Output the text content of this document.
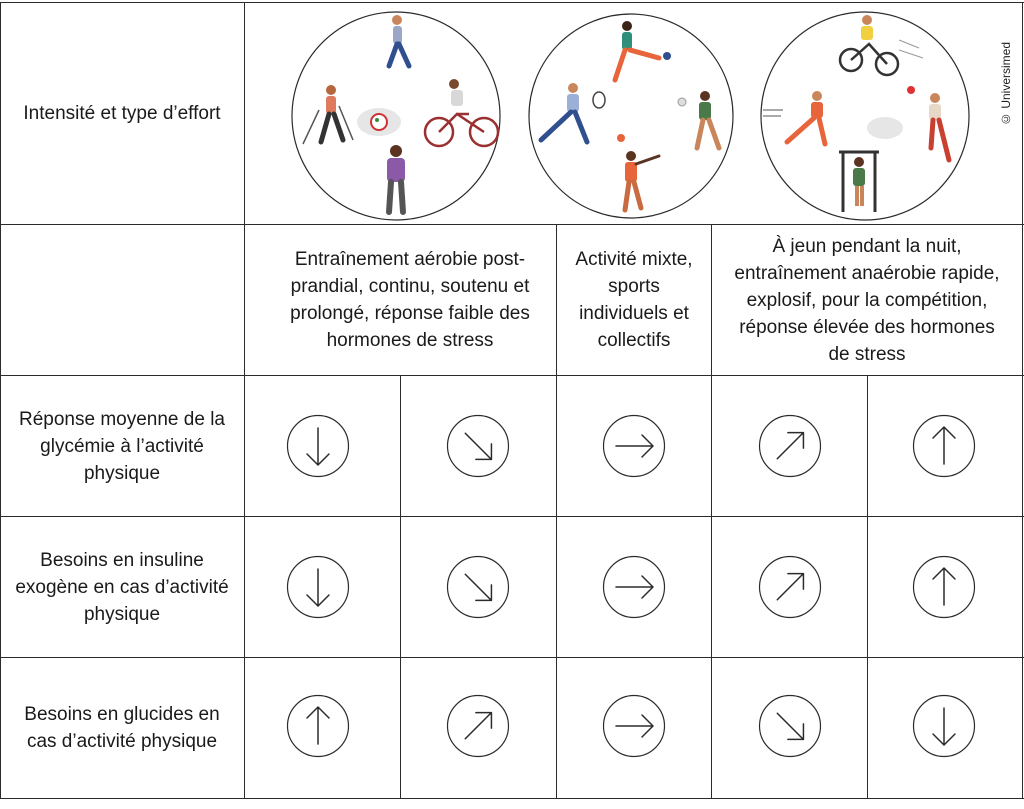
Intensité et type d’effort
Réponse moyenne de la glycémie à l’activité physique
Besoins en insuline exogène en cas d’activité physique
Besoins en glucides en cas d’activité physique
Entraînement aérobie post-prandial, continu, soutenu et prolongé, réponse faible des hormones de stress
Activité mixte, sports individuels et collectifs
À jeun pendant la nuit, entraînement anaérobie rapide, explosif, pour la compétition, réponse élevée des hormones de stress
© Universimed
